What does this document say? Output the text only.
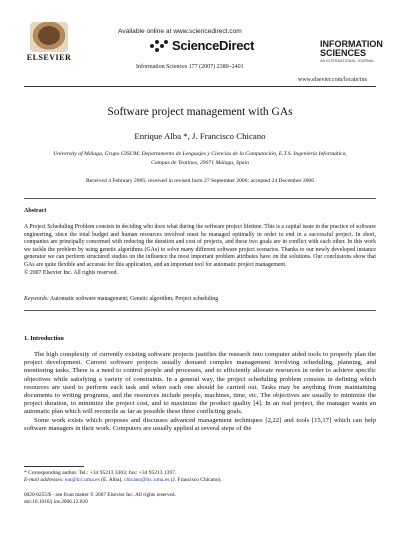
ELSEVIER
Available online at www.sciencedirect.com
ScienceDirect
Information Sciences 177 (2007) 2380–2401
INFORMATION
SCIENCES
AN INTERNATIONAL JOURNAL
www.elsevier.com/locate/ins
Software project management with GAs
Enrique Alba *, J. Francisco Chicano
University of Málaga, Grupo GISUM, Departamento de Lenguajes y Ciencias de la Computación, E.T.S. Ingeniería Informática,
Campus de Teatinos, 29071 Málaga, Spain
Received 4 February 2005; received in revised form 27 September 2006; accepted 24 December 2006
Abstract
A Project Scheduling Problem consists in deciding who does what during the software project lifetime. This is a capital issue in the practice of software engineering, since the total budget and human resources involved must be managed optimally in order to end in a successful project. In short, companies are principally concerned with reducing the duration and cost of projects, and these two goals are in conflict with each other. In this work we tackle the problem by using genetic algorithms (GAs) to solve many different software project scenarios. Thanks to our newly developed instance generator we can perform structured studies on the influence the most important problem attributes have on the solutions. Our conclusions show that GAs are quite flexible and accurate for this application, and an important tool for automatic project management.
© 2007 Elsevier Inc. All rights reserved.
Keywords: Automatic software management; Genetic algorithm; Project scheduling
1. Introduction

The high complexity of currently existing software projects justifies the research into computer aided tools to properly plan the project development. Current software projects usually demand complex management involving scheduling, planning, and monitoring tasks. There is a need to control people and processes, and to efficiently allocate resources in order to achieve specific objectives while satisfying a variety of constraints. In a general way, the project scheduling problem consists in defining which resources are used to perform each task and when each one should be carried out. Tasks may be anything from maintaining documents to writing programs, and the resources include people, machines, time, etc. The objectives are usually to minimize the project duration, to minimize the project cost, and to maximize the product quality [4]. In an real project, the manager wants an automatic plan which will reconcile as far as possible these three conflicting goals.

Some work exists which proposes and discusses advanced management techniques [2,22] and tools [15,17] which can help software managers in their work. Computers are usually applied at several steps of the

* Corresponding author. Tel.: +34 95213 3303; fax: +34 95213 1397.
E-mail addresses: eat@lcc.uma.es (E. Alba), chicano@lcc.uma.es (J. Francisco Chicano).
0020-0255/$ - see front matter © 2007 Elsevier Inc. All rights reserved.
doi:10.1016/j.ins.2006.12.020
